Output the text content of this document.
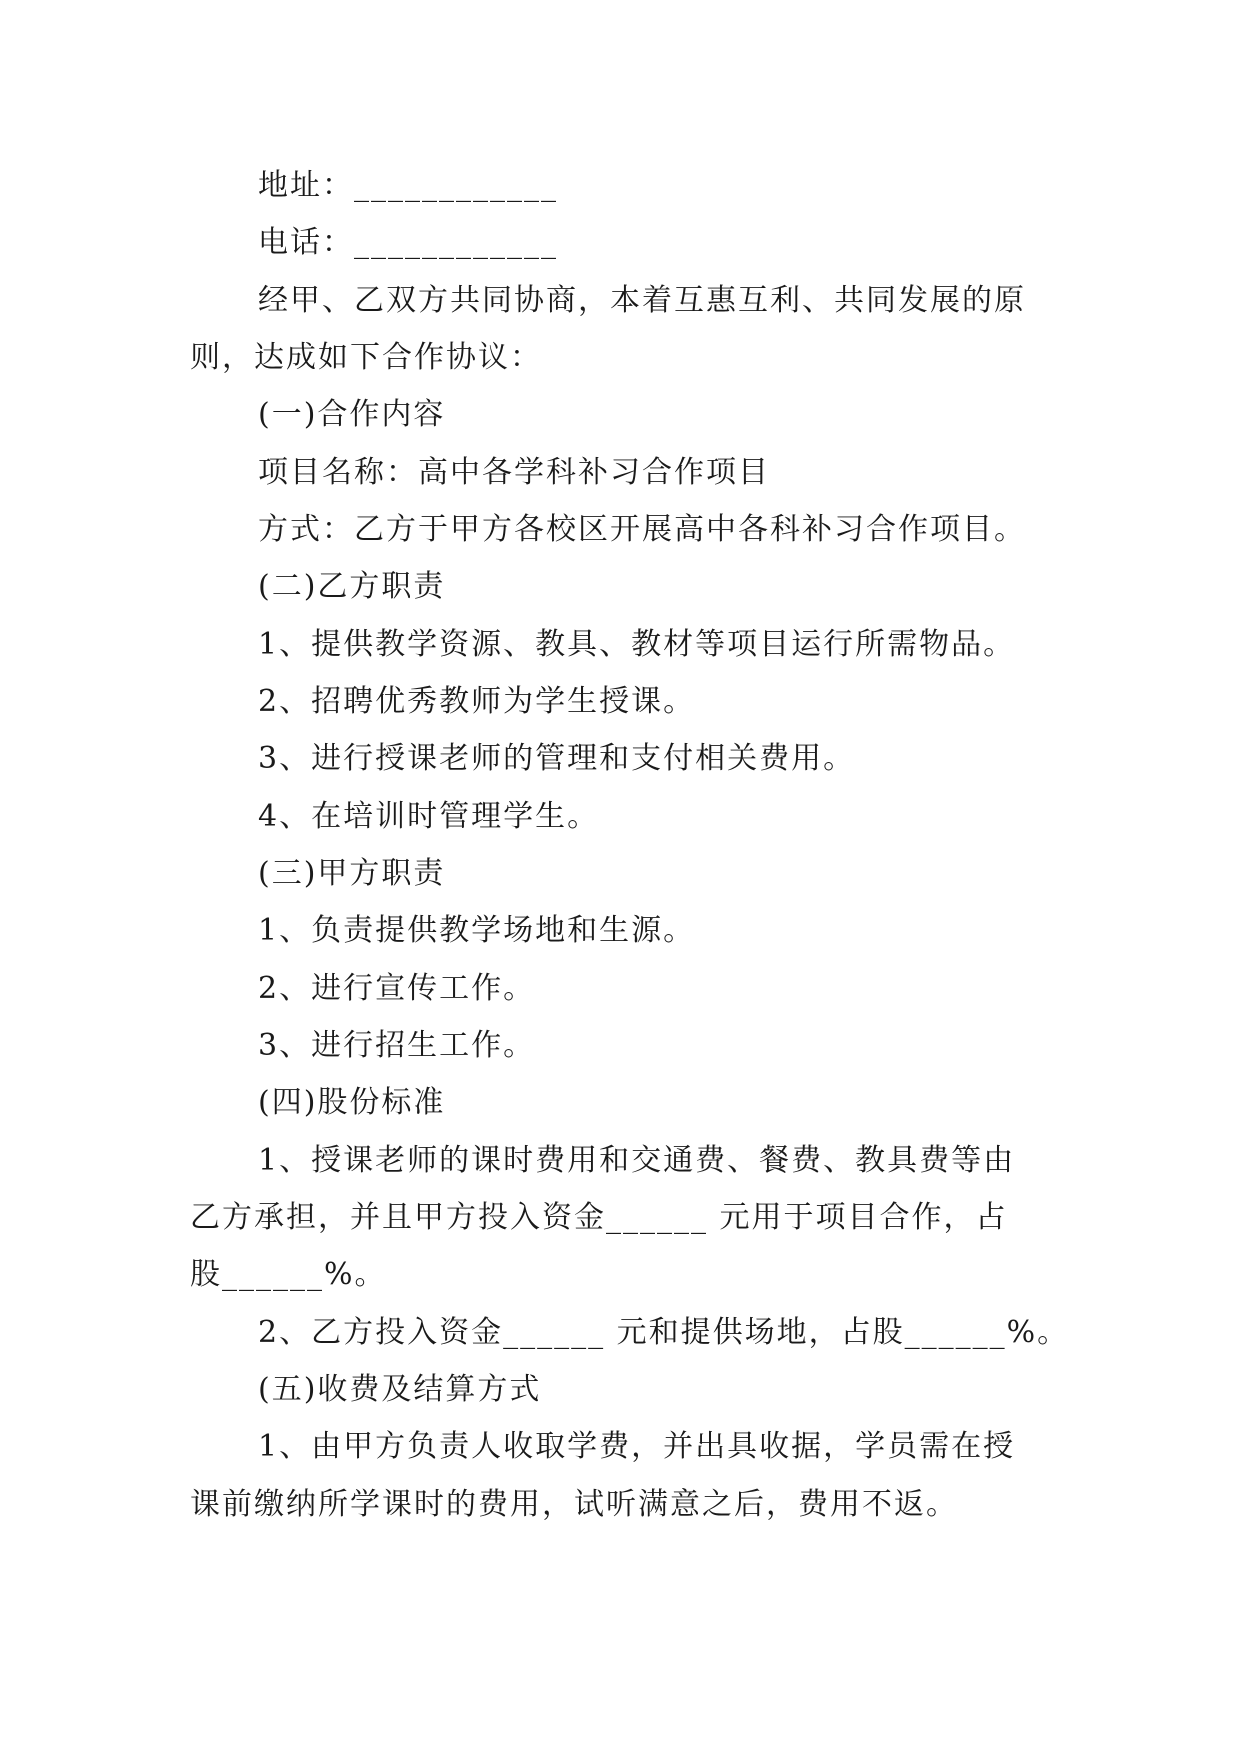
地址：____________
电话：____________
经甲、乙双方共同协商，本着互惠互利、共同发展的原
则，达成如下合作协议：
(一)合作内容
项目名称：高中各学科补习合作项目
方式：乙方于甲方各校区开展高中各科补习合作项目。
(二)乙方职责
1、提供教学资源、教具、教材等项目运行所需物品。
2、招聘优秀教师为学生授课。
3、进行授课老师的管理和支付相关费用。
4、在培训时管理学生。
(三)甲方职责
1、负责提供教学场地和生源。
2、进行宣传工作。
3、进行招生工作。
(四)股份标准
1、授课老师的课时费用和交通费、餐费、教具费等由
乙方承担，并且甲方投入资金______ 元用于项目合作，占
股______%。
2、乙方投入资金______ 元和提供场地，占股______%。
(五)收费及结算方式
1、由甲方负责人收取学费，并出具收据，学员需在授
课前缴纳所学课时的费用，试听满意之后，费用不返。
